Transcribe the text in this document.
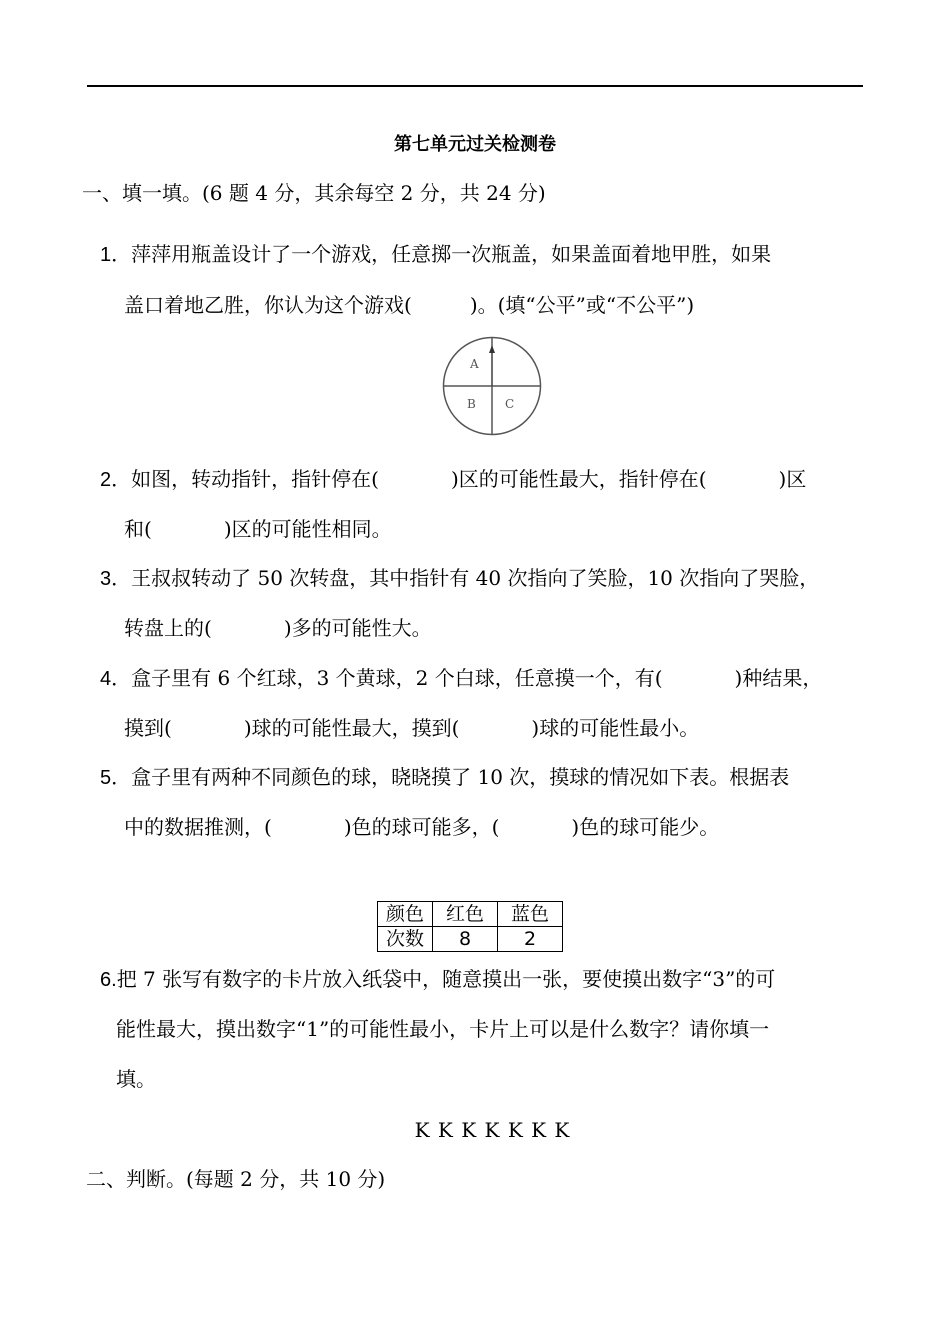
第七单元过关检测卷
一、填一填。(6 题 4 分，其余每空 2 分，共 24 分)
1．萍萍用瓶盖设计了一个游戏，任意掷一次瓶盖，如果盖面着地甲胜，如果
盖口着地乙胜，你认为这个游戏(	)。(填“公平”或“不公平”)
A
B C
2．如图，转动指针，指针停在(	)区的可能性最大，指针停在(	)区
和(	)区的可能性相同。
3．王叔叔转动了 50 次转盘，其中指针有 40 次指向了笑脸，10 次指向了哭脸，
转盘上的(	)多的可能性大。
4．盒子里有 6 个红球，3 个黄球，2 个白球，任意摸一个，有(	)种结果，
摸到(	)球的可能性最大，摸到(	)球的可能性最小。
5．盒子里有两种不同颜色的球，晓晓摸了 10 次，摸球的情况如下表。根据表
中的数据推测，(	)色的球可能多，(	)色的球可能少。
颜色	红色	蓝色
次数	8	2
6.把 7 张写有数字的卡片放入纸袋中，随意摸出一张，要使摸出数字“3”的可
能性最大，摸出数字“1”的可能性最小，卡片上可以是什么数字？请你填一
填。
K K K K K K K
二、判断。(每题 2 分，共 10 分)
